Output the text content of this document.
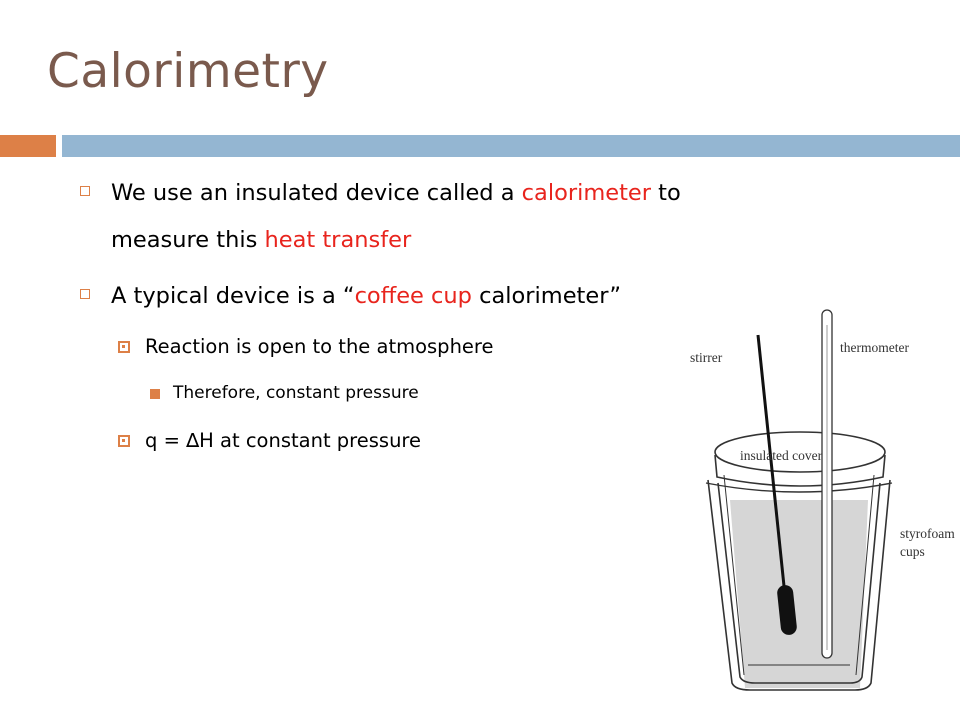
Calorimetry
We use an insulated device called a calorimeter to
measure this heat transfer
A typical device is a “coffee cup calorimeter”
Reaction is open to the atmosphere
Therefore, constant pressure
q = ∆H at constant pressure
stirrer
thermometer
insulated cover
styrofoam
cups
